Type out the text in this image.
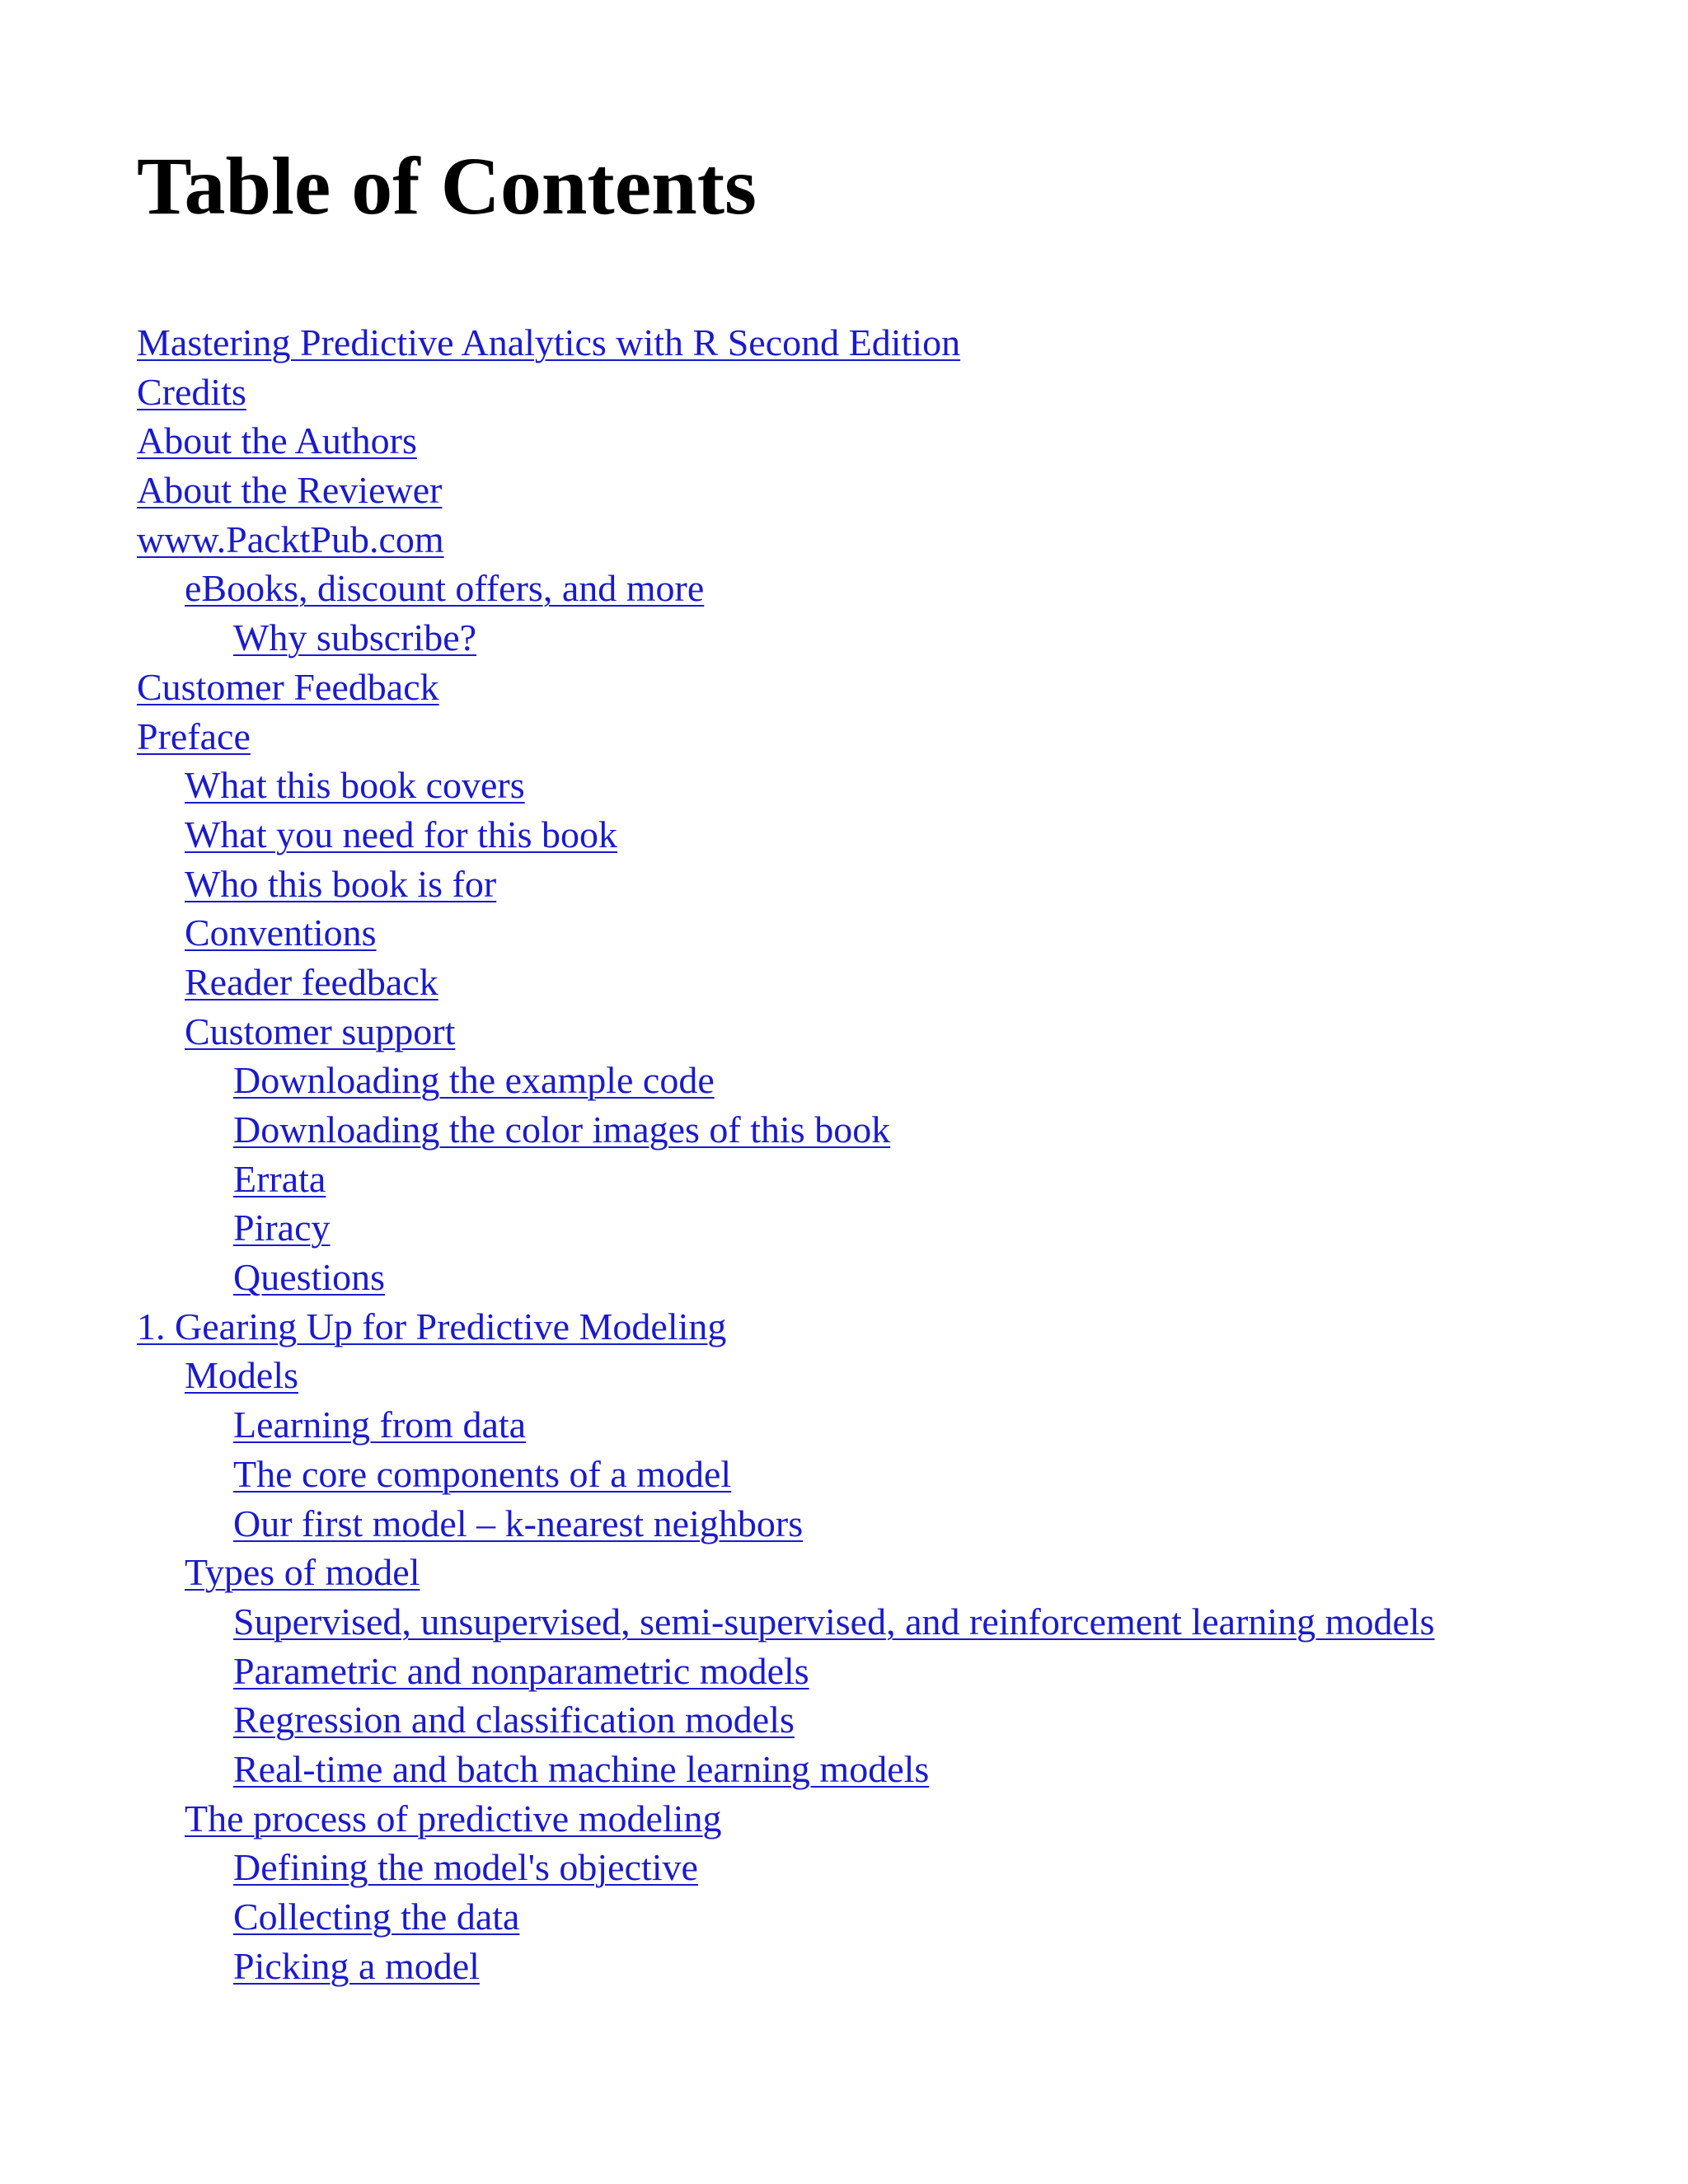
Table of Contents
Mastering Predictive Analytics with R Second Edition
Credits
About the Authors
About the Reviewer
www.PacktPub.com
eBooks, discount offers, and more
Why subscribe?
Customer Feedback
Preface
What this book covers
What you need for this book
Who this book is for
Conventions
Reader feedback
Customer support
Downloading the example code
Downloading the color images of this book
Errata
Piracy
Questions
1. Gearing Up for Predictive Modeling
Models
Learning from data
The core components of a model
Our first model – k-nearest neighbors
Types of model
Supervised, unsupervised, semi-supervised, and reinforcement learning models
Parametric and nonparametric models
Regression and classification models
Real-time and batch machine learning models
The process of predictive modeling
Defining the model's objective
Collecting the data
Picking a model
